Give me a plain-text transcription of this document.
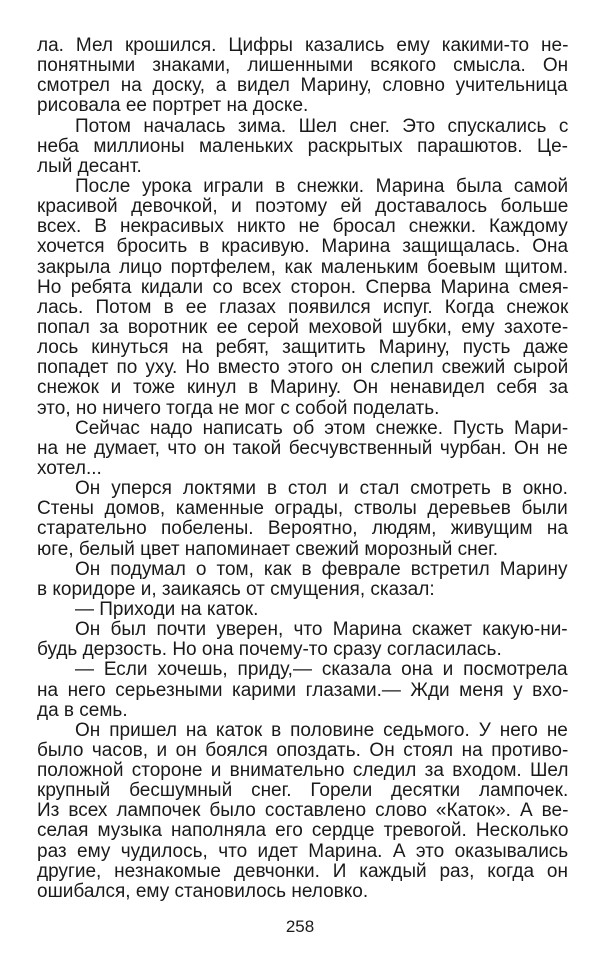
ла. Мел крошился. Цифры казались ему какими-то не-
понятными знаками, лишенными всякого смысла. Он
смотрел на доску, а видел Марину, словно учительница
рисовала ее портрет на доске.
Потом началась зима. Шел снег. Это спускались с
неба миллионы маленьких раскрытых парашютов. Це-
лый десант.
После урока играли в снежки. Марина была самой
красивой девочкой, и поэтому ей доставалось больше
всех. В некрасивых никто не бросал снежки. Каждому
хочется бросить в красивую. Марина защищалась. Она
закрыла лицо портфелем, как маленьким боевым щитом.
Но ребята кидали со всех сторон. Сперва Марина смея-
лась. Потом в ее глазах появился испуг. Когда снежок
попал за воротник ее серой меховой шубки, ему захоте-
лось кинуться на ребят, защитить Марину, пусть даже
попадет по уху. Но вместо этого он слепил свежий сырой
снежок и тоже кинул в Марину. Он ненавидел себя за
это, но ничего тогда не мог с собой поделать.
Сейчас надо написать об этом снежке. Пусть Мари-
на не думает, что он такой бесчувственный чурбан. Он не
хотел...
Он уперся локтями в стол и стал смотреть в окно.
Стены домов, каменные ограды, стволы деревьев были
старательно побелены. Вероятно, людям, живущим на
юге, белый цвет напоминает свежий морозный снег.
Он подумал о том, как в феврале встретил Марину
в коридоре и, заикаясь от смущения, сказал:
— Приходи на каток.
Он был почти уверен, что Марина скажет какую-ни-
будь дерзость. Но она почему-то сразу согласилась.
— Если хочешь, приду,— сказала она и посмотрела
на него серьезными карими глазами.— Жди меня у вхо-
да в семь.
Он пришел на каток в половине седьмого. У него не
было часов, и он боялся опоздать. Он стоял на противо-
положной стороне и внимательно следил за входом. Шел
крупный бесшумный снег. Горели десятки лампочек.
Из всех лампочек было составлено слово «Каток». А ве-
селая музыка наполняла его сердце тревогой. Несколько
раз ему чудилось, что идет Марина. А это оказывались
другие, незнакомые девчонки. И каждый раз, когда он
ошибался, ему становилось неловко.
258
